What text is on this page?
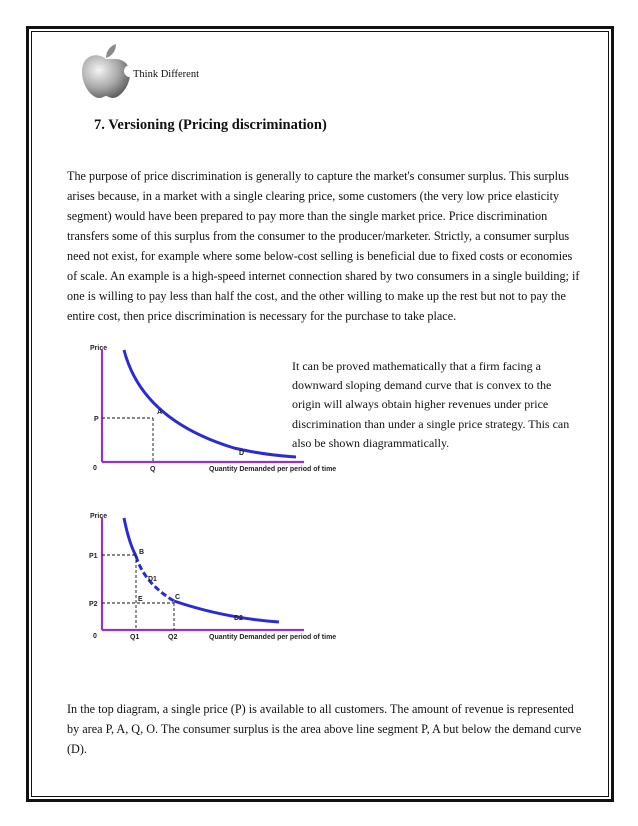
Think Different
7. Versioning (Pricing discrimination)

The purpose of price discrimination is generally to capture the market's consumer surplus. This surplus arises because, in a market with a single clearing price, some customers (the very low price elasticity segment) would have been prepared to pay more than the single market price. Price discrimination transfers some of this surplus from the consumer to the producer/marketer. Strictly, a consumer surplus need not exist, for example where some below-cost selling is beneficial due to fixed costs or economies of scale. An example is a high-speed internet connection shared by two consumers in a single building; if one is willing to pay less than half the cost, and the other willing to make up the rest but not to pay the entire cost, then price discrimination is necessary for the purchase to take place.

Price
P
Q
A
D
0	Quantity Demanded per period of time

It can be proved mathematically that a firm facing a downward sloping demand curve that is convex to the origin will always obtain higher revenues under price discrimination than under a single price strategy. This can also be shown diagrammatically.

Price
P1
P2
Q1	Q2
B
C
E
D1
D2
0	Quantity Demanded per period of time

In the top diagram, a single price (P) is available to all customers. The amount of revenue is represented by area P, A, Q, O. The consumer surplus is the area above line segment P, A but below the demand curve (D).
